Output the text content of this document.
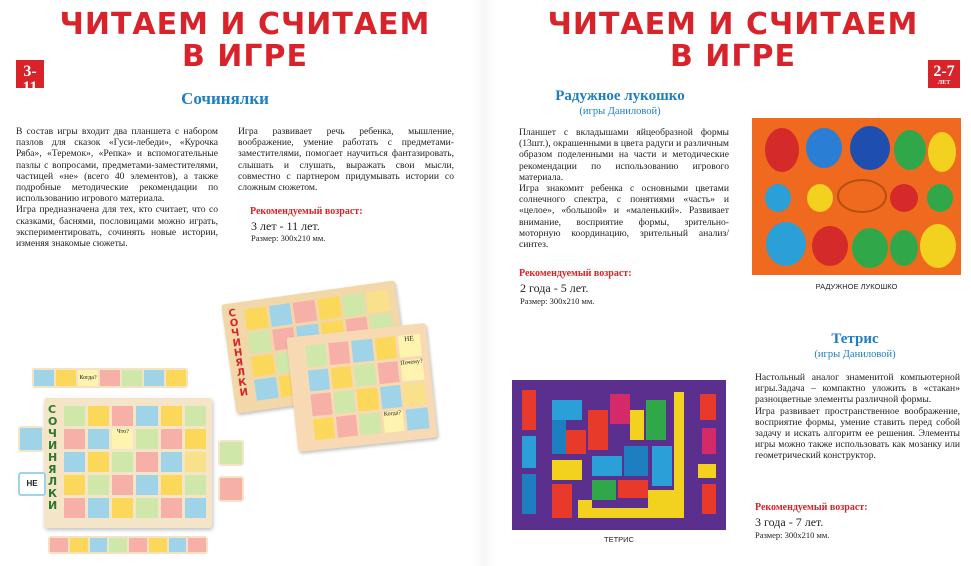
ЧИТАЕМ И СЧИТАЕМ
В ИГРЕ
3-11
ЛЕТ	Сочинялки
В состав игры входит два планшета с набором пазлов для сказок «Гуси-лебеди», «Курочка Ряба», «Теремок», «Репка» и вспомогательные пазлы с вопросами, предметами-заместителями, частицей «не» (всего 40 элементов), а также подробные методические рекомендации по использованию игрового материала.
Игра предназначена для тех, кто считает, что со сказками, баснями, пословицами можно играть, экспериментировать, сочинять новые истории, изменяя знакомые сюжеты.
Игра развивает речь ребенка, мышление, воображение, умение работать с предметами-заместителями, помогает научиться фантазировать, слышать и слушать, выражать свои мысли, совместно с партнером придумывать истории со сложным сюжетом.
Рекомендуемый возраст:
3 лет - 11 лет.
Размер: 300х210 мм.
СОЧИНЯЛКИ
НЕ
Почему?
Когда?
Когда?
СОЧИНЯЛКИ
Что?
НЕ
ЧИТАЕМ И СЧИТАЕМ
В ИГРЕ	2-7
ЛЕТ
Радужное лукошко
(игры Даниловой)
Планшет с вкладышами яйцеобразной формы (13шт.), окрашенными в цвета радуги и различным образом поделенными на части и методические рекомендации по использованию игрового материала.
Игра знакомит ребенка с основными цветами солнечного спектра, с понятиями «часть» и «целое», «большой» и «маленький». Развивает внимание, восприятие формы, зрительно-моторную координацию, зрительный анализ/синтез.
Рекомендуемый возраст:
2 года - 5 лет.
Размер: 300х210 мм.
РАДУЖНОЕ ЛУКОШКО
Тетрис
(игры Даниловой)
Настольный аналог знаменитой компьютерной игры.Задача – компактно уложить в «стакан» разноцветные элементы различной формы.
Игра развивает пространственное воображение, восприятие формы, умение ставить перед собой задачу и искать алгоритм ее решения. Элементы игры можно также использовать как мозанку или геометрический конструктор.
Рекомендуемый возраст:
3 года - 7 лет.
Размер: 300х210 мм.
ТЕТРИС
